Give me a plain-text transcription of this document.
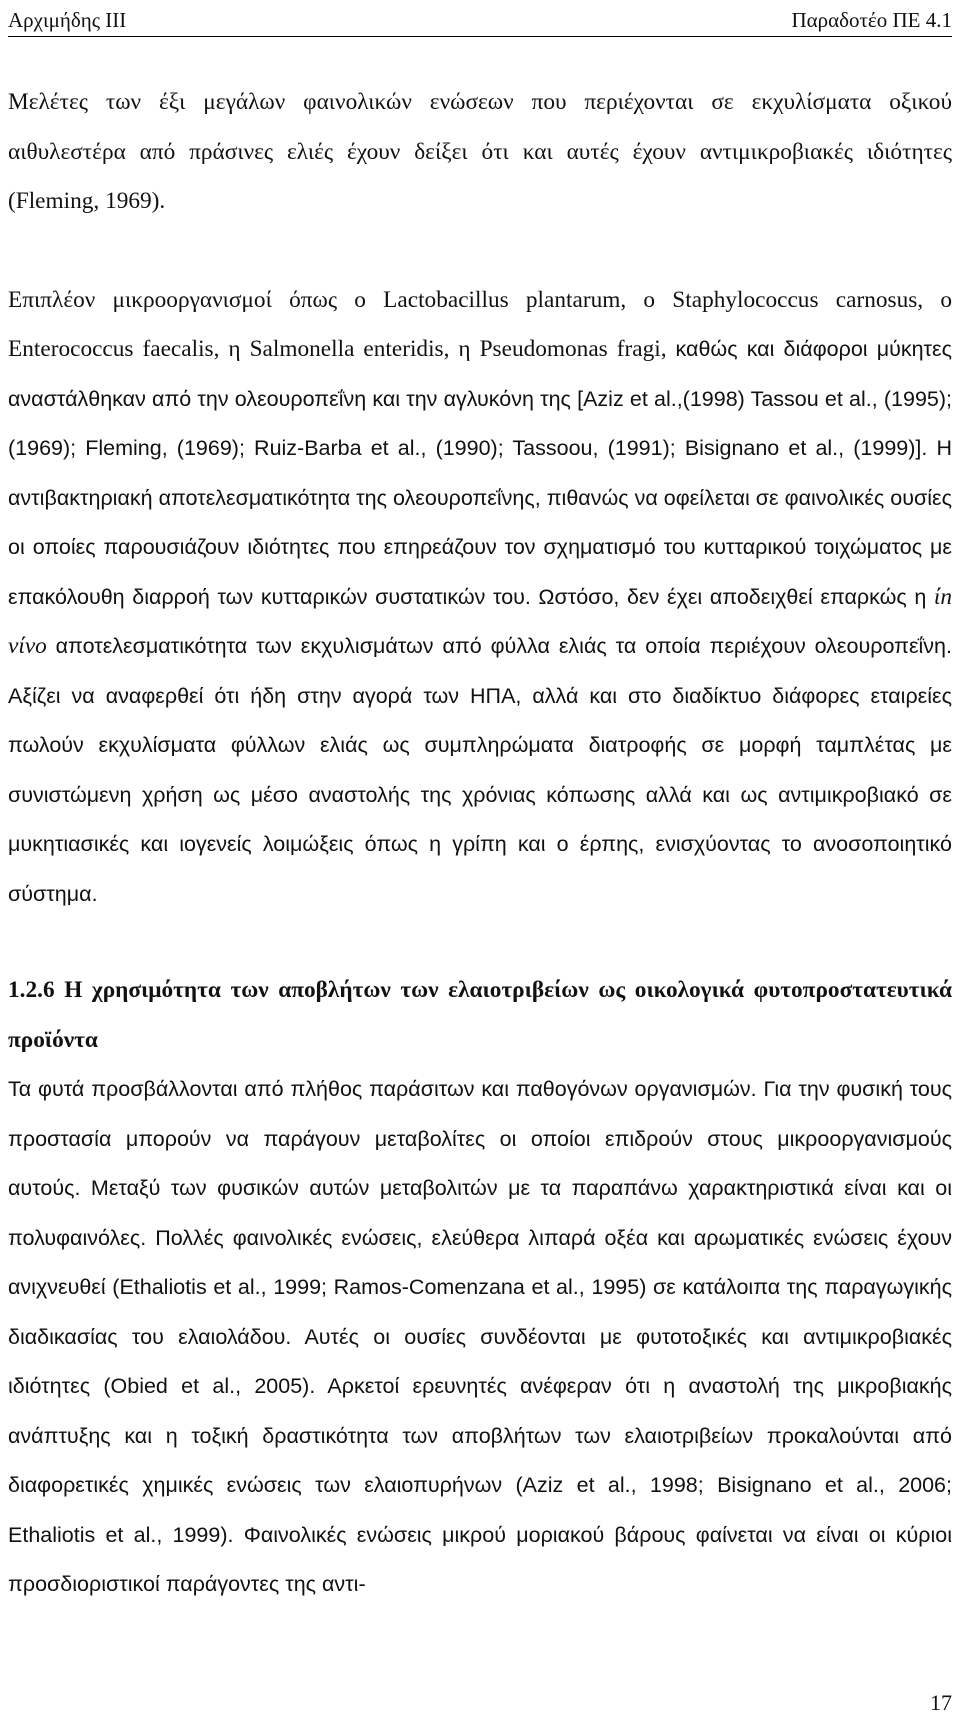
Αρχιμήδης ΙΙΙ	Παραδοτέο ΠΕ 4.1

Μελέτες των έξι μεγάλων φαινολικών ενώσεων που περιέχονται σε εκχυλίσματα οξικού αιθυλεστέρα από πράσινες ελιές έχουν δείξει ότι και αυτές έχουν αντιμικροβιακές ιδιότητες (Fleming, 1969).

Επιπλέον μικροοργανισμοί όπως ο Lactobacillus plantarum, ο Staphylococcus carnosus, ο Enterococcus faecalis, η Salmonella enteridis, η Pseudomonas fragi, καθώς και διάφοροι μύκητες αναστάλθηκαν από την ολεουροπεΐνη και την αγλυκόνη της [Aziz et al.,(1998) Tassou et al., (1995); (1969); Fleming, (1969); Ruiz-Barba et al., (1990); Tassoou, (1991); Bisignano et al., (1999)]. Η αντιβακτηριακή αποτελεσματικότητα της ολεουροπεΐνης, πιθανώς να οφείλεται σε φαινολικές ουσίες οι οποίες παρουσιάζουν ιδιότητες που επηρεάζουν τον σχηματισμό του κυτταρικού τοιχώματος με επακόλουθη διαρροή των κυτταρικών συστατικών του. Ωστόσο, δεν έχει αποδειχθεί επαρκώς η ίn νίνo αποτελεσματικότητα των εκχυλισμάτων από φύλλα ελιάς τα οποία περιέχουν ολεουροπεΐνη. Αξίζει να αναφερθεί ότι ήδη στην αγορά των ΗΠΑ, αλλά και στο διαδίκτυο διάφορες εταιρείες πωλούν εκχυλίσματα φύλλων ελιάς ως συμπληρώματα διατροφής σε μορφή ταμπλέτας με συνιστώμενη χρήση ως μέσο αναστολής της χρόνιας κόπωσης αλλά και ως αντιμικροβιακό σε μυκητιασικές και ιογενείς λοιμώξεις όπως η γρίπη και ο έρπης, ενισχύοντας το ανοσοποιητικό σύστημα.

1.2.6 Η χρησιμότητα των αποβλήτων των ελαιοτριβείων ως οικολογικά φυτοπροστατευτικά προϊόντα

Τα φυτά προσβάλλονται από πλήθος παράσιτων και παθογόνων οργανισμών. Για την φυσική τους προστασία μπορούν να παράγουν μεταβολίτες οι οποίοι επιδρούν στους μικροοργανισμούς αυτούς. Μεταξύ των φυσικών αυτών μεταβολιτών με τα παραπάνω χαρακτηριστικά είναι και οι πολυφαινόλες. Πολλές φαινολικές ενώσεις, ελεύθερα λιπαρά οξέα και αρωματικές ενώσεις έχουν ανιχνευθεί (Ethaliotis et al., 1999; Ramos-Comenzana et al., 1995) σε κατάλοιπα της παραγωγικής διαδικασίας του ελαιολάδου. Αυτές οι ουσίες συνδέονται με φυτοτοξικές και αντιμικροβιακές ιδιότητες (Obied et al., 2005). Αρκετοί ερευνητές ανέφεραν ότι η αναστολή της μικροβιακής ανάπτυξης και η τοξική δραστικότητα των αποβλήτων των ελαιοτριβείων προκαλούνται από διαφορετικές χημικές ενώσεις των ελαιοπυρήνων (Aziz et al., 1998; Bisignano et al., 2006; Ethaliotis et al., 1999). Φαινολικές ενώσεις μικρού μοριακού βάρους φαίνεται να είναι οι κύριοι προσδιοριστικοί παράγοντες της αντι-

17
